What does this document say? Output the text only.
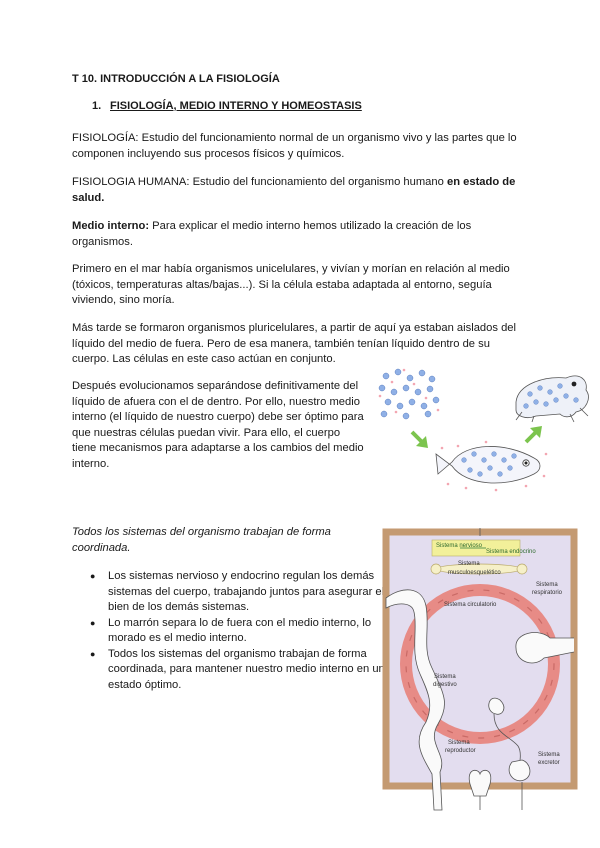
T 10. INTRODUCCIÓN A LA FISIOLOGÍA
1. FISIOLOGÍA, MEDIO INTERNO Y HOMEOSTASIS
FISIOLOGÍA: Estudio del funcionamiento normal de un organismo vivo y las partes que lo componen incluyendo sus procesos físicos y químicos.
FISIOLOGIA HUMANA: Estudio del funcionamiento del organismo humano en estado de salud.
Medio interno: Para explicar el medio interno hemos utilizado la creación de los organismos.
Primero en el mar había organismos unicelulares, y vivían y morían en relación al medio (tóxicos, temperaturas altas/bajas...). Si la célula estaba adaptada al entorno, seguía viviendo, sino moría.
Más tarde se formaron organismos pluricelulares, a partir de aquí ya estaban aislados del líquido del medio de fuera. Pero de esa manera, también tenían líquido dentro de su cuerpo. Las células en este caso actúan en conjunto.
Después evolucionamos separándose definitivamente del líquido de afuera con el de dentro. Por ello, nuestro medio interno (el líquido de nuestro cuerpo) debe ser óptimo para que nuestras células puedan vivir. Para ello, el cuerpo tiene mecanismos para adaptarse a los cambios del medio interno.
Todos los sistemas del organismo trabajan de forma coordinada.
● Los sistemas nervioso y endocrino regulan los demás sistemas del cuerpo, trabajando juntos para asegurar el bien de los demás sistemas.
● Lo marrón separa lo de fuera con el medio interno, lo morado es el medio interno.
● Todos los sistemas del organismo trabajan de forma coordinada, para mantener nuestro medio interno en un estado óptimo.
Sistema nervioso
Sistema endocrino
Sistema
musculoesquelético
Sistema circulatorio
Sistema
respiratorio
Sistema
digestivo
Sistema
excretor
Sistema
reproductor
